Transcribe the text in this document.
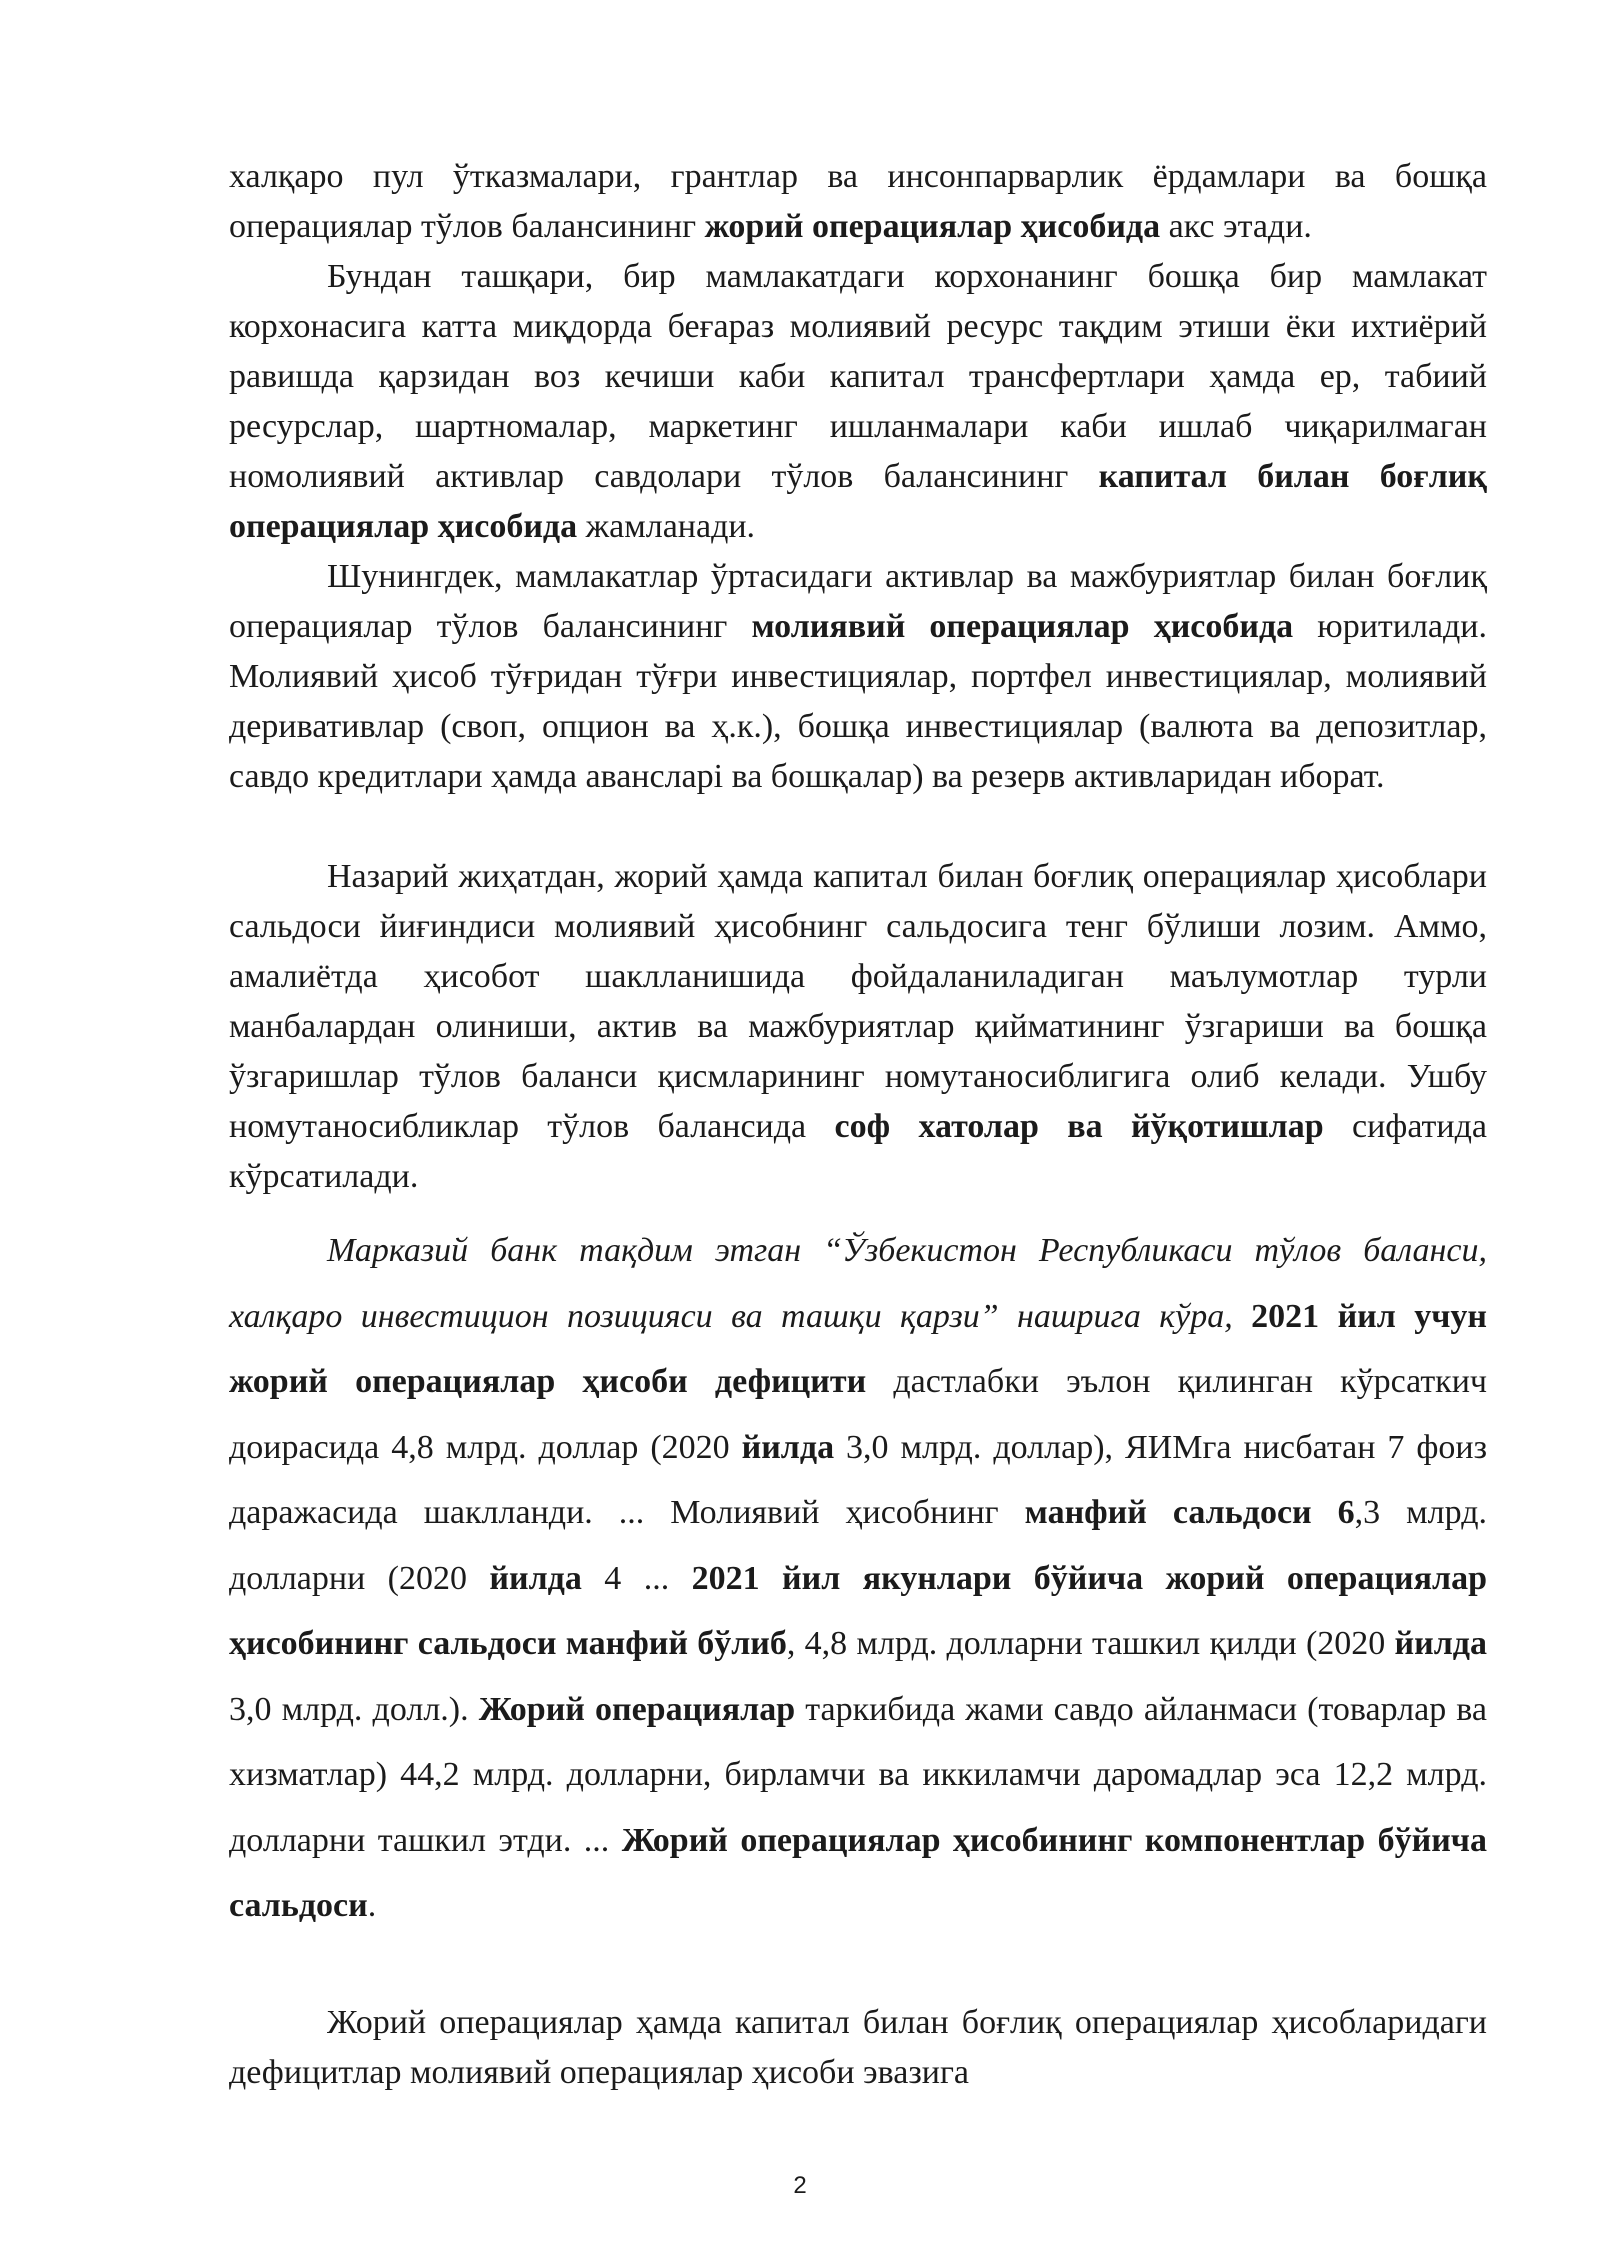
халқаро пул ўтказмалари, грантлар ва инсонпарварлик ёрдамлари ва бошқа операциялар тўлов балансининг жорий операциялар ҳисобида акс этади.

Бундан ташқари, бир мамлакатдаги корхонанинг бошқа бир мамлакат корхонасига катта миқдорда беғараз молиявий ресурс тақдим этиши ёки ихтиёрий равишда қарзидан воз кечиши каби капитал трансфертлари ҳамда ер, табиий ресурслар, шартномалар, маркетинг ишланмалари каби ишлаб чиқарилмаган номолиявий активлар савдолари тўлов балансининг капитал билан боғлиқ операциялар ҳисобида жамланади.

Шунингдек, мамлакатлар ўртасидаги активлар ва мажбуриятлар билан боғлиқ операциялар тўлов балансининг молиявий операциялар ҳисобида юритилади. Молиявий ҳисоб тўғридан тўғри инвестициялар, портфел инвестициялар, молиявий деривативлар (своп, опцион ва ҳ.к.), бошқа инвестициялар (валюта ва депозитлар, савдо кредитлари ҳамда авансларі ва бошқалар) ва резерв активларидан иборат.

Назарий жиҳатдан, жорий ҳамда капитал билан боғлиқ операциялар ҳисоблари сальдоси йиғиндиси молиявий ҳисобнинг сальдосига тенг бўлиши лозим. Аммо, амалиётда ҳисобот шаклланишида фойдаланиладиган маълумотлар турли манбалардан олиниши, актив ва мажбуриятлар қийматининг ўзгариши ва бошқа ўзгаришлар тўлов баланси қисмларининг номутаносиблигига олиб келади. Ушбу номутаносибликлар тўлов балансида соф хатолар ва йўқотишлар сифатида кўрсатилади.

Марказий банк тақдим этган “Ўзбекистон Республикаси тўлов баланси, халқаро инвестицион позицияси ва ташқи қарзи” нашрига кўра, 2021 йил учун жорий операциялар ҳисоби дефицити дастлабки эълон қилинган кўрсаткич доирасида 4,8 млрд. доллар (2020 йилда 3,0 млрд. доллар), ЯИМга нисбатан 7 фоиз даражасида шаклланди. ... Молиявий ҳисобнинг манфий сальдоси 6,3 млрд. долларни (2020 йилда 4 ... 2021 йил якунлари бўйича жорий операциялар ҳисобининг сальдоси манфий бўлиб, 4,8 млрд. долларни ташкил қилди (2020 йилда 3,0 млрд. долл.). Жорий операциялар таркибида жами савдо айланмаси (товарлар ва хизматлар) 44,2 млрд. долларни, бирламчи ва иккиламчи даромадлар эса 12,2 млрд. долларни ташкил этди. ... Жорий операциялар ҳисобининг компонентлар бўйича сальдоси.

Жорий операциялар ҳамда капитал билан боғлиқ операциялар ҳисобларидаги дефицитлар молиявий операциялар ҳисоби эвазига

2
